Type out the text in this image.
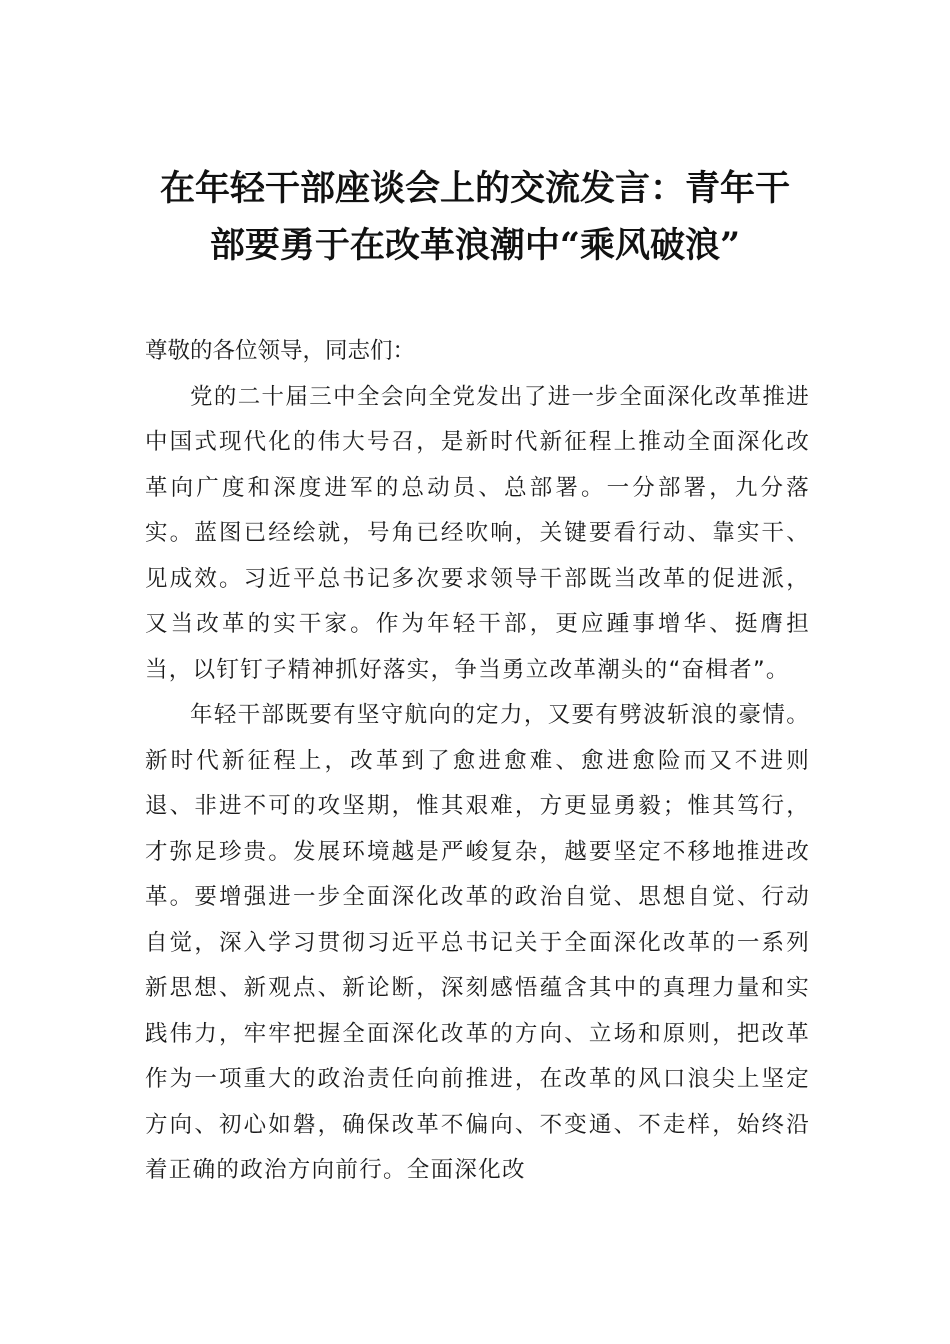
在年轻干部座谈会上的交流发言：青年干
部要勇于在改革浪潮中“乘风破浪”

尊敬的各位领导，同志们：

党的二十届三中全会向全党发出了进一步全面深化改革推进中国式现代化的伟大号召，是新时代新征程上推动全面深化改革向广度和深度进军的总动员、总部署。一分部署，九分落实。蓝图已经绘就，号角已经吹响，关键要看行动、靠实干、见成效。习近平总书记多次要求领导干部既当改革的促进派，又当改革的实干家。作为年轻干部，更应踵事增华、挺膺担当，以钉钉子精神抓好落实，争当勇立改革潮头的“奋楫者”。

年轻干部既要有坚守航向的定力，又要有劈波斩浪的豪情。新时代新征程上，改革到了愈进愈难、愈进愈险而又不进则退、非进不可的攻坚期，惟其艰难，方更显勇毅；惟其笃行，才弥足珍贵。发展环境越是严峻复杂，越要坚定不移地推进改革。要增强进一步全面深化改革的政治自觉、思想自觉、行动自觉，深入学习贯彻习近平总书记关于全面深化改革的一系列新思想、新观点、新论断，深刻感悟蕴含其中的真理力量和实践伟力，牢牢把握全面深化改革的方向、立场和原则，把改革作为一项重大的政治责任向前推进，在改革的风口浪尖上坚定方向、初心如磐，确保改革不偏向、不变通、不走样，始终沿着正确的政治方向前行。全面深化改
